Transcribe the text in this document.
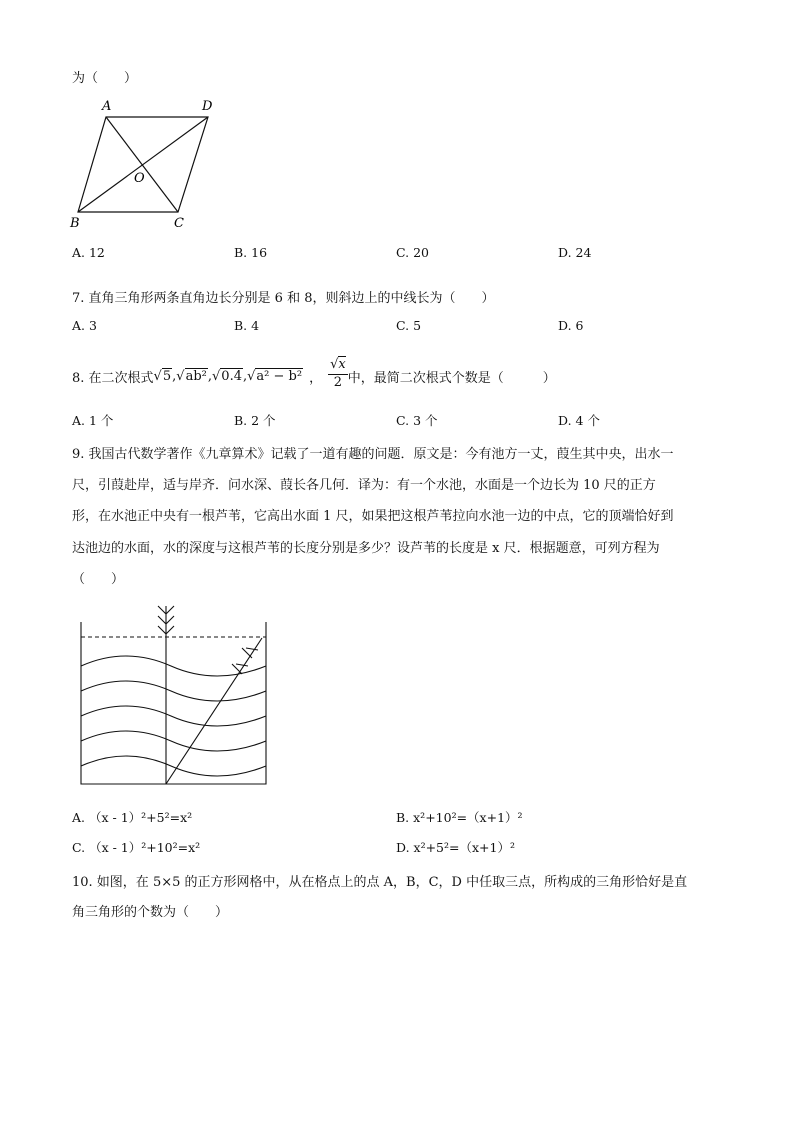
为（　　）
A	D
O
B	C
A. 12	B. 16	C. 20	D. 24
7. 直角三角形两条直角边长分别是 6 和 8，则斜边上的中线长为（　　）
A. 3	B. 4	C. 5	D. 6
8. 在二次根式 √5 , √ab² , √0.4 , √a² − b² ， $\frac{√x}{2}$ 中，最简二次根式个数是（　　　）
A. 1 个	B. 2 个	C. 3 个	D. 4 个
9. 我国古代数学著作《九章算术》记载了一道有趣的问题．原文是：今有池方一丈，葭生其中央，出水一
尺，引葭赴岸，适与岸齐．问水深、葭长各几何．译为：有一个水池，水面是一个边长为 10 尺的正方
形，在水池正中央有一根芦苇，它高出水面 1 尺，如果把这根芦苇拉向水池一边的中点，它的顶端恰好到
达池边的水面，水的深度与这根芦苇的长度分别是多少？设芦苇的长度是 x 尺．根据题意，可列方程为
（　　）
A. （x - 1）²+5²=x²	B. x²+10²=（x+1）²
C. （x - 1）²+10²=x²	D. x²+5²=（x+1）²
10. 如图，在 5×5 的正方形网格中，从在格点上的点 A，B，C，D 中任取三点，所构成的三角形恰好是直
角三角形的个数为（　　）
